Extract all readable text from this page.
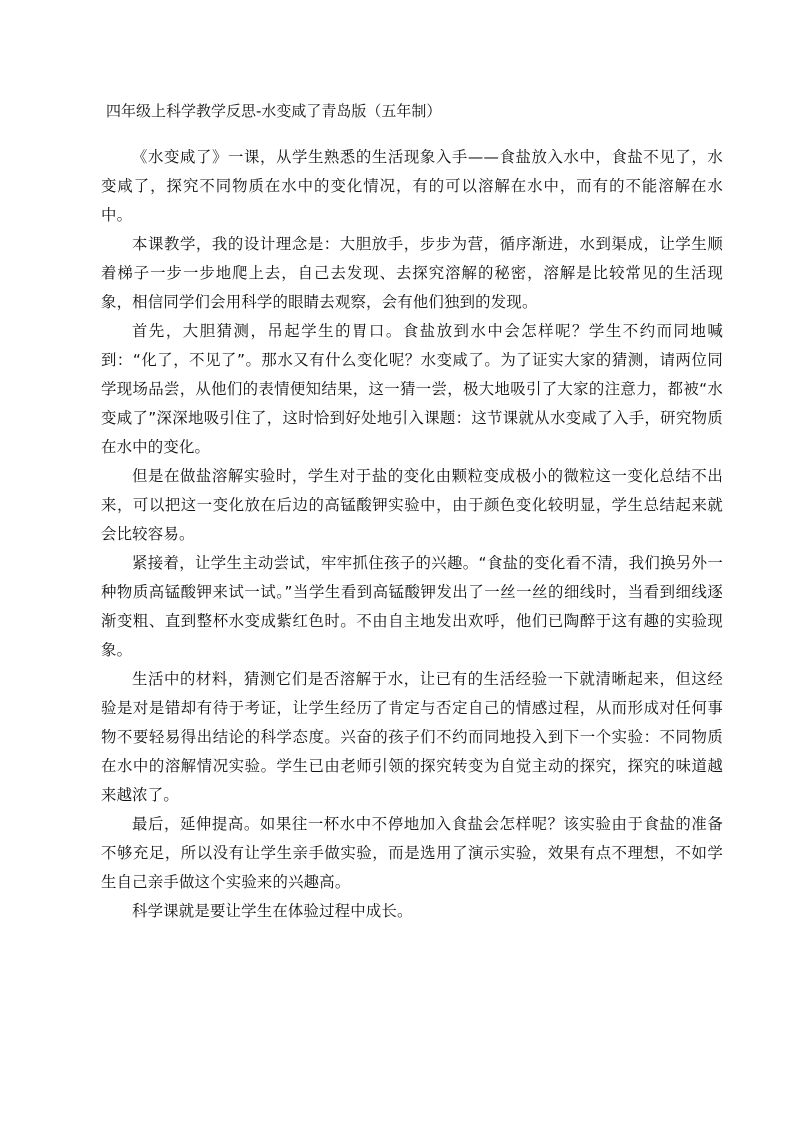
四年级上科学教学反思-水变咸了青岛版（五年制）

《水变咸了》一课，从学生熟悉的生活现象入手——食盐放入水中，食盐不见了，水变咸了，探究不同物质在水中的变化情况，有的可以溶解在水中，而有的不能溶解在水中。

本课教学，我的设计理念是：大胆放手，步步为营，循序渐进，水到渠成，让学生顺着梯子一步一步地爬上去，自己去发现、去探究溶解的秘密，溶解是比较常见的生活现象，相信同学们会用科学的眼睛去观察，会有他们独到的发现。

首先，大胆猜测，吊起学生的胃口。食盐放到水中会怎样呢？学生不约而同地喊到：“化了，不见了”。那水又有什么变化呢？水变咸了。为了证实大家的猜测，请两位同学现场品尝，从他们的表情便知结果，这一猜一尝，极大地吸引了大家的注意力，都被“水变咸了”深深地吸引住了，这时恰到好处地引入课题：这节课就从水变咸了入手，研究物质在水中的变化。

但是在做盐溶解实验时，学生对于盐的变化由颗粒变成极小的微粒这一变化总结不出来，可以把这一变化放在后边的高锰酸钾实验中，由于颜色变化较明显，学生总结起来就会比较容易。

紧接着，让学生主动尝试，牢牢抓住孩子的兴趣。“食盐的变化看不清，我们换另外一种物质高锰酸钾来试一试。”当学生看到高锰酸钾发出了一丝一丝的细线时，当看到细线逐渐变粗、直到整杯水变成紫红色时。不由自主地发出欢呼，他们已陶醉于这有趣的实验现象。

生活中的材料，猜测它们是否溶解于水，让已有的生活经验一下就清晰起来，但这经验是对是错却有待于考证，让学生经历了肯定与否定自己的情感过程，从而形成对任何事物不要轻易得出结论的科学态度。兴奋的孩子们不约而同地投入到下一个实验：不同物质在水中的溶解情况实验。学生已由老师引领的探究转变为自觉主动的探究，探究的味道越来越浓了。

最后，延伸提高。如果往一杯水中不停地加入食盐会怎样呢？该实验由于食盐的准备不够充足，所以没有让学生亲手做实验，而是选用了演示实验，效果有点不理想，不如学生自己亲手做这个实验来的兴趣高。

科学课就是要让学生在体验过程中成长。
